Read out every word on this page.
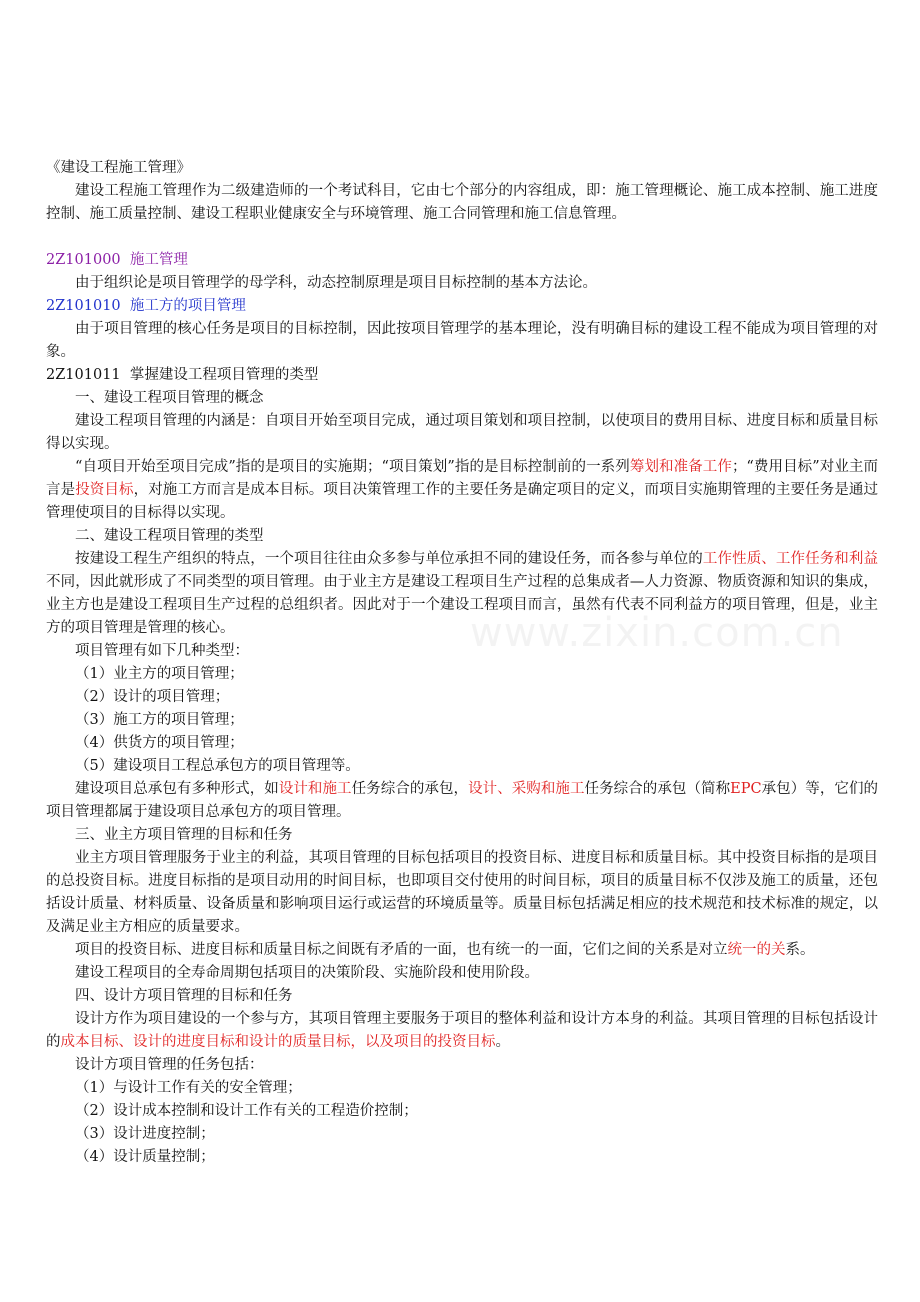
www.zixin.com.cn

《建设工程施工管理》

建设工程施工管理作为二级建造师的一个考试科目，它由七个部分的内容组成，即：施工管理概论、施工成本控制、施工进度控制、施工质量控制、建设工程职业健康安全与环境管理、施工合同管理和施工信息管理。

2Z101000 施工管理

由于组织论是项目管理学的母学科，动态控制原理是项目目标控制的基本方法论。

2Z101010 施工方的项目管理

由于项目管理的核心任务是项目的目标控制，因此按项目管理学的基本理论，没有明确目标的建设工程不能成为项目管理的对象。

2Z101011 掌握建设工程项目管理的类型

一、建设工程项目管理的概念

建设工程项目管理的内涵是：自项目开始至项目完成，通过项目策划和项目控制，以使项目的费用目标、进度目标和质量目标得以实现。

“自项目开始至项目完成”指的是项目的实施期；“项目策划”指的是目标控制前的一系列筹划和准备工作；“费用目标”对业主而言是投资目标，对施工方而言是成本目标。项目决策管理工作的主要任务是确定项目的定义，而项目实施期管理的主要任务是通过管理使项目的目标得以实现。

二、建设工程项目管理的类型

按建设工程生产组织的特点，一个项目往往由众多参与单位承担不同的建设任务，而各参与单位的工作性质、工作任务和利益不同，因此就形成了不同类型的项目管理。由于业主方是建设工程项目生产过程的总集成者—人力资源、物质资源和知识的集成，业主方也是建设工程项目生产过程的总组织者。因此对于一个建设工程项目而言，虽然有代表不同利益方的项目管理，但是，业主方的项目管理是管理的核心。

项目管理有如下几种类型：

（1）业主方的项目管理；

（2）设计的项目管理；

（3）施工方的项目管理；

（4）供货方的项目管理；

（5）建设项目工程总承包方的项目管理等。

建设项目总承包有多种形式，如设计和施工任务综合的承包，设计、采购和施工任务综合的承包（简称EPC承包）等，它们的项目管理都属于建设项目总承包方的项目管理。

三、业主方项目管理的目标和任务

业主方项目管理服务于业主的利益，其项目管理的目标包括项目的投资目标、进度目标和质量目标。其中投资目标指的是项目的总投资目标。进度目标指的是项目动用的时间目标，也即项目交付使用的时间目标，项目的质量目标不仅涉及施工的质量，还包括设计质量、材料质量、设备质量和影响项目运行或运营的环境质量等。质量目标包括满足相应的技术规范和技术标准的规定，以及满足业主方相应的质量要求。

项目的投资目标、进度目标和质量目标之间既有矛盾的一面，也有统一的一面，它们之间的关系是对立统一的关系。

建设工程项目的全寿命周期包括项目的决策阶段、实施阶段和使用阶段。

四、设计方项目管理的目标和任务

设计方作为项目建设的一个参与方，其项目管理主要服务于项目的整体利益和设计方本身的利益。其项目管理的目标包括设计的成本目标、设计的进度目标和设计的质量目标，以及项目的投资目标。

设计方项目管理的任务包括：

（1）与设计工作有关的安全管理；

（2）设计成本控制和设计工作有关的工程造价控制；

（3）设计进度控制；

（4）设计质量控制；
